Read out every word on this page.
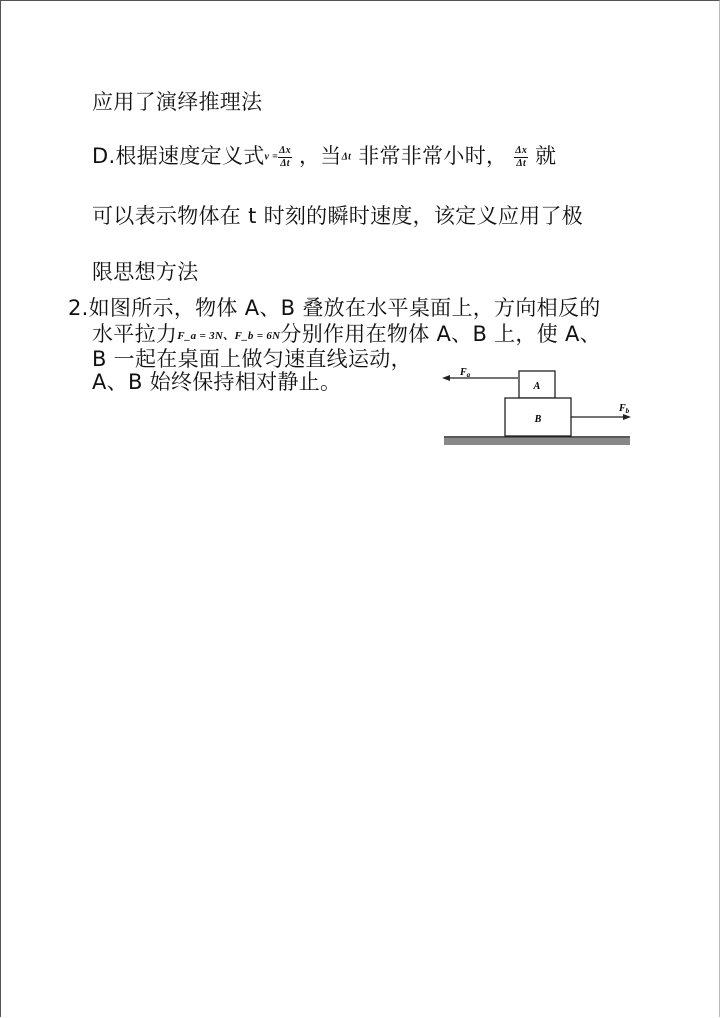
应用了演绎推理法
D.根据速度定义式$v = \frac{\Delta x}{\Delta t}$ ，当Δt 非常非常小时， $\frac{\Delta x}{\Delta t}$ 就
可以表示物体在 t 时刻的瞬时速度，该定义应用了极
限思想方法
2.如图所示，物体 A、B 叠放在水平桌面上，方向相反的
水平拉力F_a = 3N、F_b = 6N分别作用在物体 A、B 上，使 A、
B 一起在桌面上做匀速直线运动，
A、B 始终保持相对静止。	$F_a$
A
B
$F_b$
